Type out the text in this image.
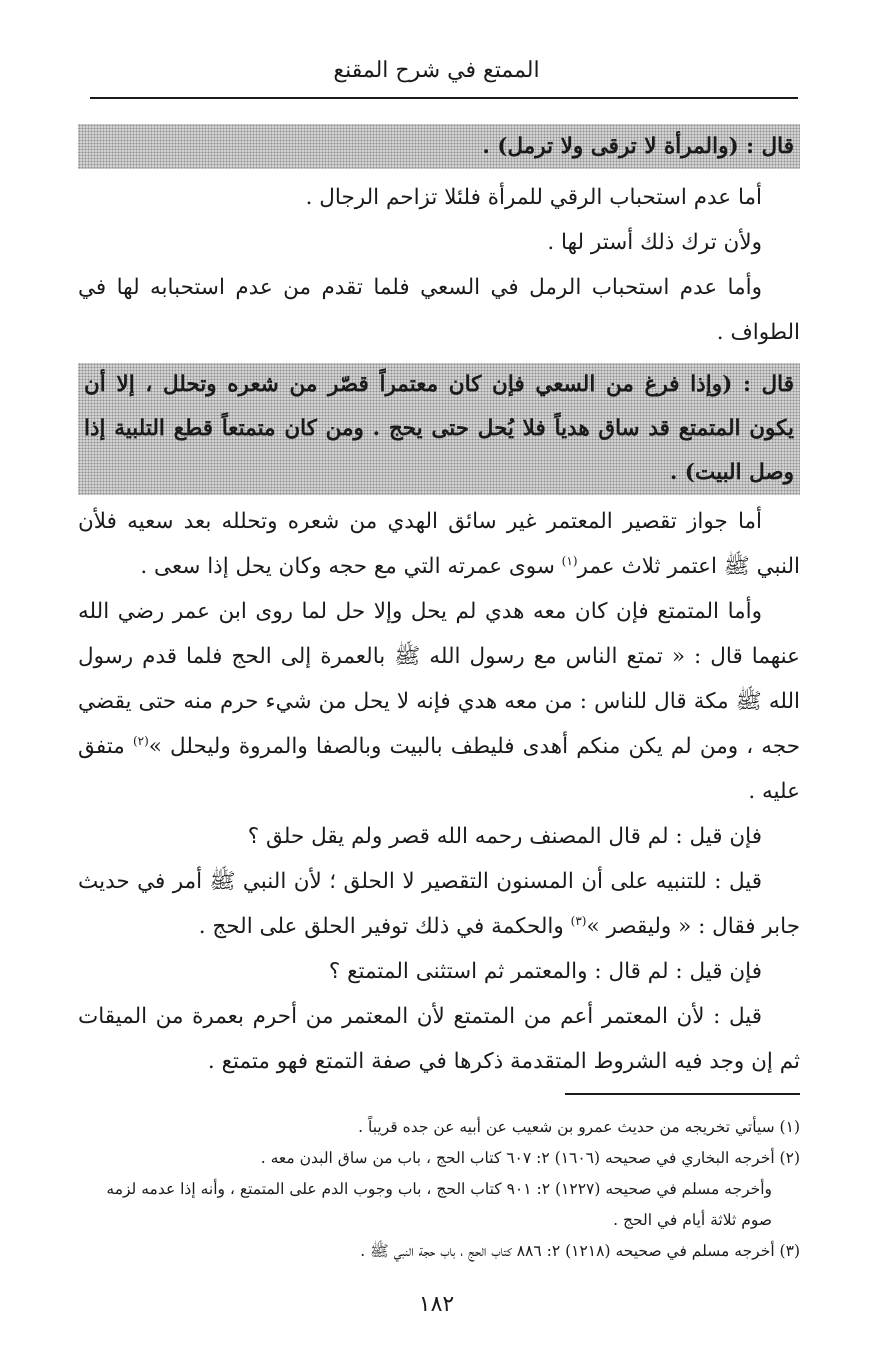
الممتع في شرح المقنع

قال : (والمرأة لا ترقى ولا ترمل) .

أما عدم استحباب الرقي للمرأة فلئلا تزاحم الرجال .

ولأن ترك ذلك أستر لها .

وأما عدم استحباب الرمل في السعي فلما تقدم من عدم استحبابه لها في الطواف .

قال : (وإذا فرغ من السعي فإن كان معتمراً قصّر من شعره وتحلل ، إلا أن يكون المتمتع قد ساق هدياً فلا يُحل حتى يحج . ومن كان متمتعاً قطع التلبية إذا وصل البيت) .

أما جواز تقصير المعتمر غير سائق الهدي من شعره وتحلله بعد سعيه فلأن النبي ﷺ اعتمر ثلاث عمر$^{(١)}$ سوى عمرته التي مع حجه وكان يحل إذا سعى .

وأما المتمتع فإن كان معه هدي لم يحل وإلا حل لما روى ابن عمر رضي الله عنهما قال : « تمتع الناس مع رسول الله ﷺ بالعمرة إلى الحج فلما قدم رسول الله ﷺ مكة قال للناس : من معه هدي فإنه لا يحل من شيء حرم منه حتى يقضي حجه ، ومن لم يكن منكم أهدى فليطف بالبيت وبالصفا والمروة وليحلل »$^{(٢)}$ متفق عليه .

فإن قيل : لم قال المصنف رحمه الله قصر ولم يقل حلق ؟

قيل : للتنبيه على أن المسنون التقصير لا الحلق ؛ لأن النبي ﷺ أمر في حديث جابر فقال : « وليقصر »$^{(٣)}$ والحكمة في ذلك توفير الحلق على الحج .

فإن قيل : لم قال : والمعتمر ثم استثنى المتمتع ؟

قيل : لأن المعتمر أعم من المتمتع لأن المعتمر من أحرم بعمرة من الميقات ثم إن وجد فيه الشروط المتقدمة ذكرها في صفة التمتع فهو متمتع .

(١) سيأتي تخريجه من حديث عمرو بن شعيب عن أبيه عن جده قريباً .

(٢) أخرجه البخاري في صحيحه (١٦٠٦) ٢: ٦٠٧ كتاب الحج ، باب من ساق البدن معه .

وأخرجه مسلم في صحيحه (١٢٢٧) ٢: ٩٠١ كتاب الحج ، باب وجوب الدم على المتمتع ، وأنه إذا عدمه لزمه صوم ثلاثة أيام في الحج .

(٣) أخرجه مسلم في صحيحه (١٢١٨) ٢: ٨٨٦ كتاب الحج ، باب حجة النبي ﷺ .

١٨٢
